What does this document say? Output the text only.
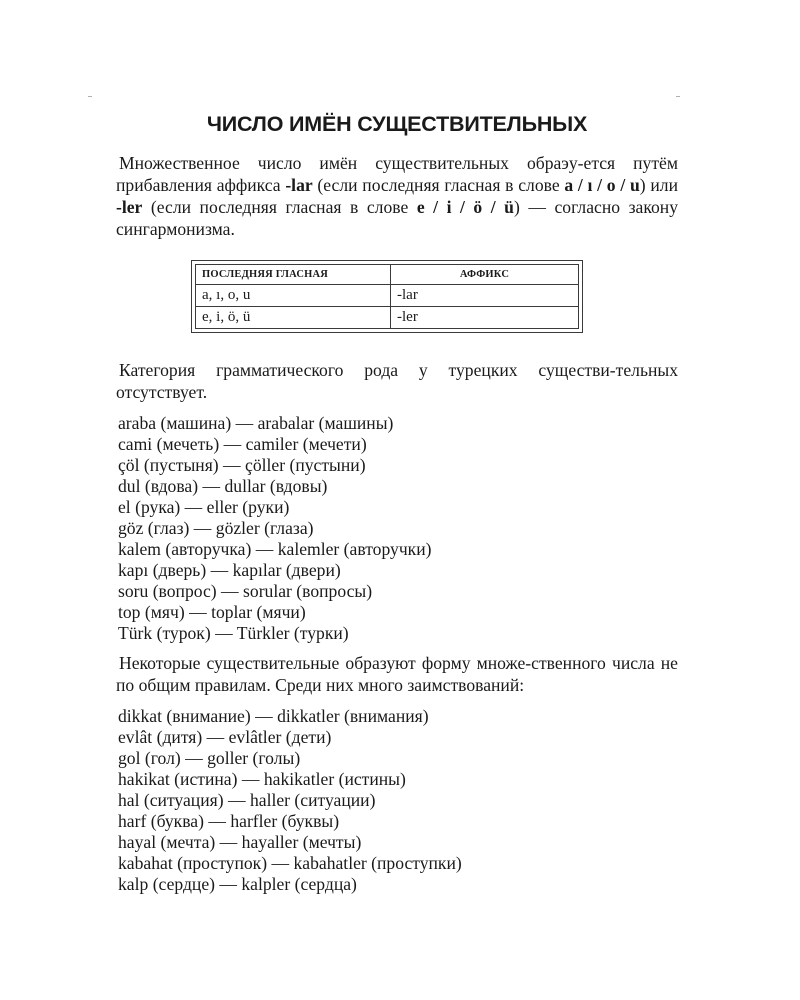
ЧИСЛО ИМЁН СУЩЕСТВИТЕЛЬНЫХ

Множественное число имён существительных обраэу-ется путём прибавления аффикса -lar (если последняя гласная в слове a / ı / o / u) или -ler (если последняя гласная в слове e / i / ö / ü) — согласно закону сингармонизма.

ПОСЛЕДНЯЯ ГЛАСНАЯ	АФФИКС
a, ı, o, u	-lar
e, i, ö, ü	-ler

Категория грамматического рода у турецких существи-тельных отсутствует.

araba (машина) — arabalar (машины)
cami (мечеть) — camiler (мечети)
çöl (пустыня) — çöller (пустыни)
dul (вдова) — dullar (вдовы)
el (рука) — eller (руки)
göz (глаз) — gözler (глаза)
kalem (авторучка) — kalemler (авторучки)
kapı (дверь) — kapılar (двери)
soru (вопрос) — sorular (вопросы)
top (мяч) — toplar (мячи)
Türk (турок) — Türkler (турки)

Некоторые существительные образуют форму множе-ственного числа не по общим правилам. Среди них много заимствований:

dikkat (внимание) — dikkatler (внимания)
evlât (дитя) — evlâtler (дети)
gol (гол) — goller (голы)
hakikat (истина) — hakikatler (истины)
hal (ситуация) — haller (ситуации)
harf (буква) — harfler (буквы)
hayal (мечта) — hayaller (мечты)
kabahat (проступок) — kabahatler (проступки)
kalp (сердце) — kalpler (сердца)
